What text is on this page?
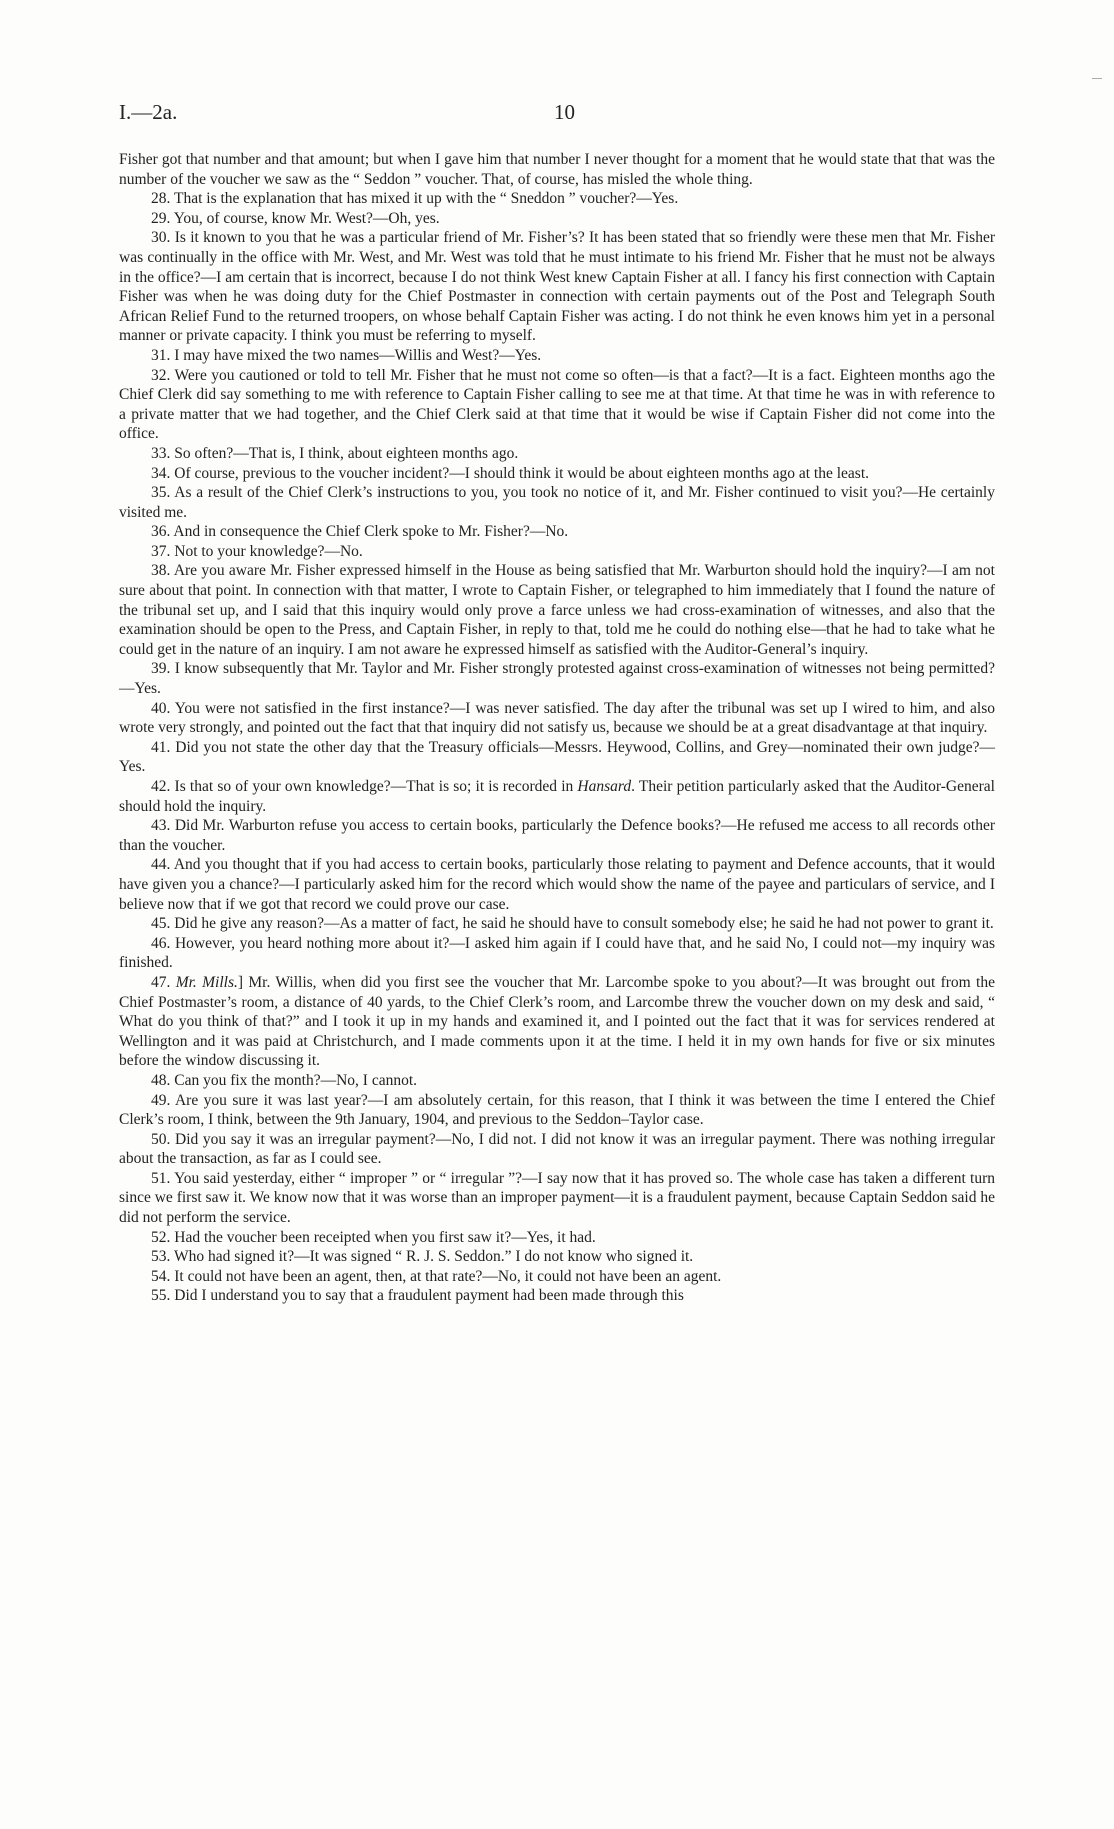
I.—2a.	10

Fisher got that number and that amount; but when I gave him that number I never thought for a moment that he would state that that was the number of the voucher we saw as the “ Seddon ” voucher. That, of course, has misled the whole thing.

28. That is the explanation that has mixed it up with the “ Sneddon ” voucher?—Yes.

29. You, of course, know Mr. West?—Oh, yes.

30. Is it known to you that he was a particular friend of Mr. Fisher’s? It has been stated that so friendly were these men that Mr. Fisher was continually in the office with Mr. West, and Mr. West was told that he must intimate to his friend Mr. Fisher that he must not be always in the office?—I am certain that is incorrect, because I do not think West knew Captain Fisher at all. I fancy his first connection with Captain Fisher was when he was doing duty for the Chief Postmaster in connection with certain payments out of the Post and Telegraph South African Relief Fund to the returned troopers, on whose behalf Captain Fisher was acting. I do not think he even knows him yet in a personal manner or private capacity. I think you must be referring to myself.

31. I may have mixed the two names—Willis and West?—Yes.

32. Were you cautioned or told to tell Mr. Fisher that he must not come so often—is that a fact?—It is a fact. Eighteen months ago the Chief Clerk did say something to me with reference to Captain Fisher calling to see me at that time. At that time he was in with reference to a private matter that we had together, and the Chief Clerk said at that time that it would be wise if Captain Fisher did not come into the office.

33. So often?—That is, I think, about eighteen months ago.

34. Of course, previous to the voucher incident?—I should think it would be about eighteen months ago at the least.

35. As a result of the Chief Clerk’s instructions to you, you took no notice of it, and Mr. Fisher continued to visit you?—He certainly visited me.

36. And in consequence the Chief Clerk spoke to Mr. Fisher?—No.

37. Not to your knowledge?—No.

38. Are you aware Mr. Fisher expressed himself in the House as being satisfied that Mr. Warburton should hold the inquiry?—I am not sure about that point. In connection with that matter, I wrote to Captain Fisher, or telegraphed to him immediately that I found the nature of the tribunal set up, and I said that this inquiry would only prove a farce unless we had cross-examination of witnesses, and also that the examination should be open to the Press, and Captain Fisher, in reply to that, told me he could do nothing else—that he had to take what he could get in the nature of an inquiry. I am not aware he expressed himself as satisfied with the Auditor-General’s inquiry.

39. I know subsequently that Mr. Taylor and Mr. Fisher strongly protested against cross-examination of witnesses not being permitted?—Yes.

40. You were not satisfied in the first instance?—I was never satisfied. The day after the tribunal was set up I wired to him, and also wrote very strongly, and pointed out the fact that that inquiry did not satisfy us, because we should be at a great disadvantage at that inquiry.

41. Did you not state the other day that the Treasury officials—Messrs. Heywood, Collins, and Grey—nominated their own judge?—Yes.

42. Is that so of your own knowledge?—That is so; it is recorded in Hansard. Their petition particularly asked that the Auditor-General should hold the inquiry.

43. Did Mr. Warburton refuse you access to certain books, particularly the Defence books?—He refused me access to all records other than the voucher.

44. And you thought that if you had access to certain books, particularly those relating to payment and Defence accounts, that it would have given you a chance?—I particularly asked him for the record which would show the name of the payee and particulars of service, and I believe now that if we got that record we could prove our case.

45. Did he give any reason?—As a matter of fact, he said he should have to consult somebody else; he said he had not power to grant it.

46. However, you heard nothing more about it?—I asked him again if I could have that, and he said No, I could not—my inquiry was finished.

47. Mr. Mills.] Mr. Willis, when did you first see the voucher that Mr. Larcombe spoke to you about?—It was brought out from the Chief Postmaster’s room, a distance of 40 yards, to the Chief Clerk’s room, and Larcombe threw the voucher down on my desk and said, “ What do you think of that?” and I took it up in my hands and examined it, and I pointed out the fact that it was for services rendered at Wellington and it was paid at Christchurch, and I made comments upon it at the time. I held it in my own hands for five or six minutes before the window discussing it.

48. Can you fix the month?—No, I cannot.

49. Are you sure it was last year?—I am absolutely certain, for this reason, that I think it was between the time I entered the Chief Clerk’s room, I think, between the 9th January, 1904, and previous to the Seddon–Taylor case.

50. Did you say it was an irregular payment?—No, I did not. I did not know it was an irregular payment. There was nothing irregular about the transaction, as far as I could see.

51. You said yesterday, either “ improper ” or “ irregular ”?—I say now that it has proved so. The whole case has taken a different turn since we first saw it. We know now that it was worse than an improper payment—it is a fraudulent payment, because Captain Seddon said he did not perform the service.

52. Had the voucher been receipted when you first saw it?—Yes, it had.

53. Who had signed it?—It was signed “ R. J. S. Seddon.” I do not know who signed it.

54. It could not have been an agent, then, at that rate?—No, it could not have been an agent.

55. Did I understand you to say that a fraudulent payment had been made through this
